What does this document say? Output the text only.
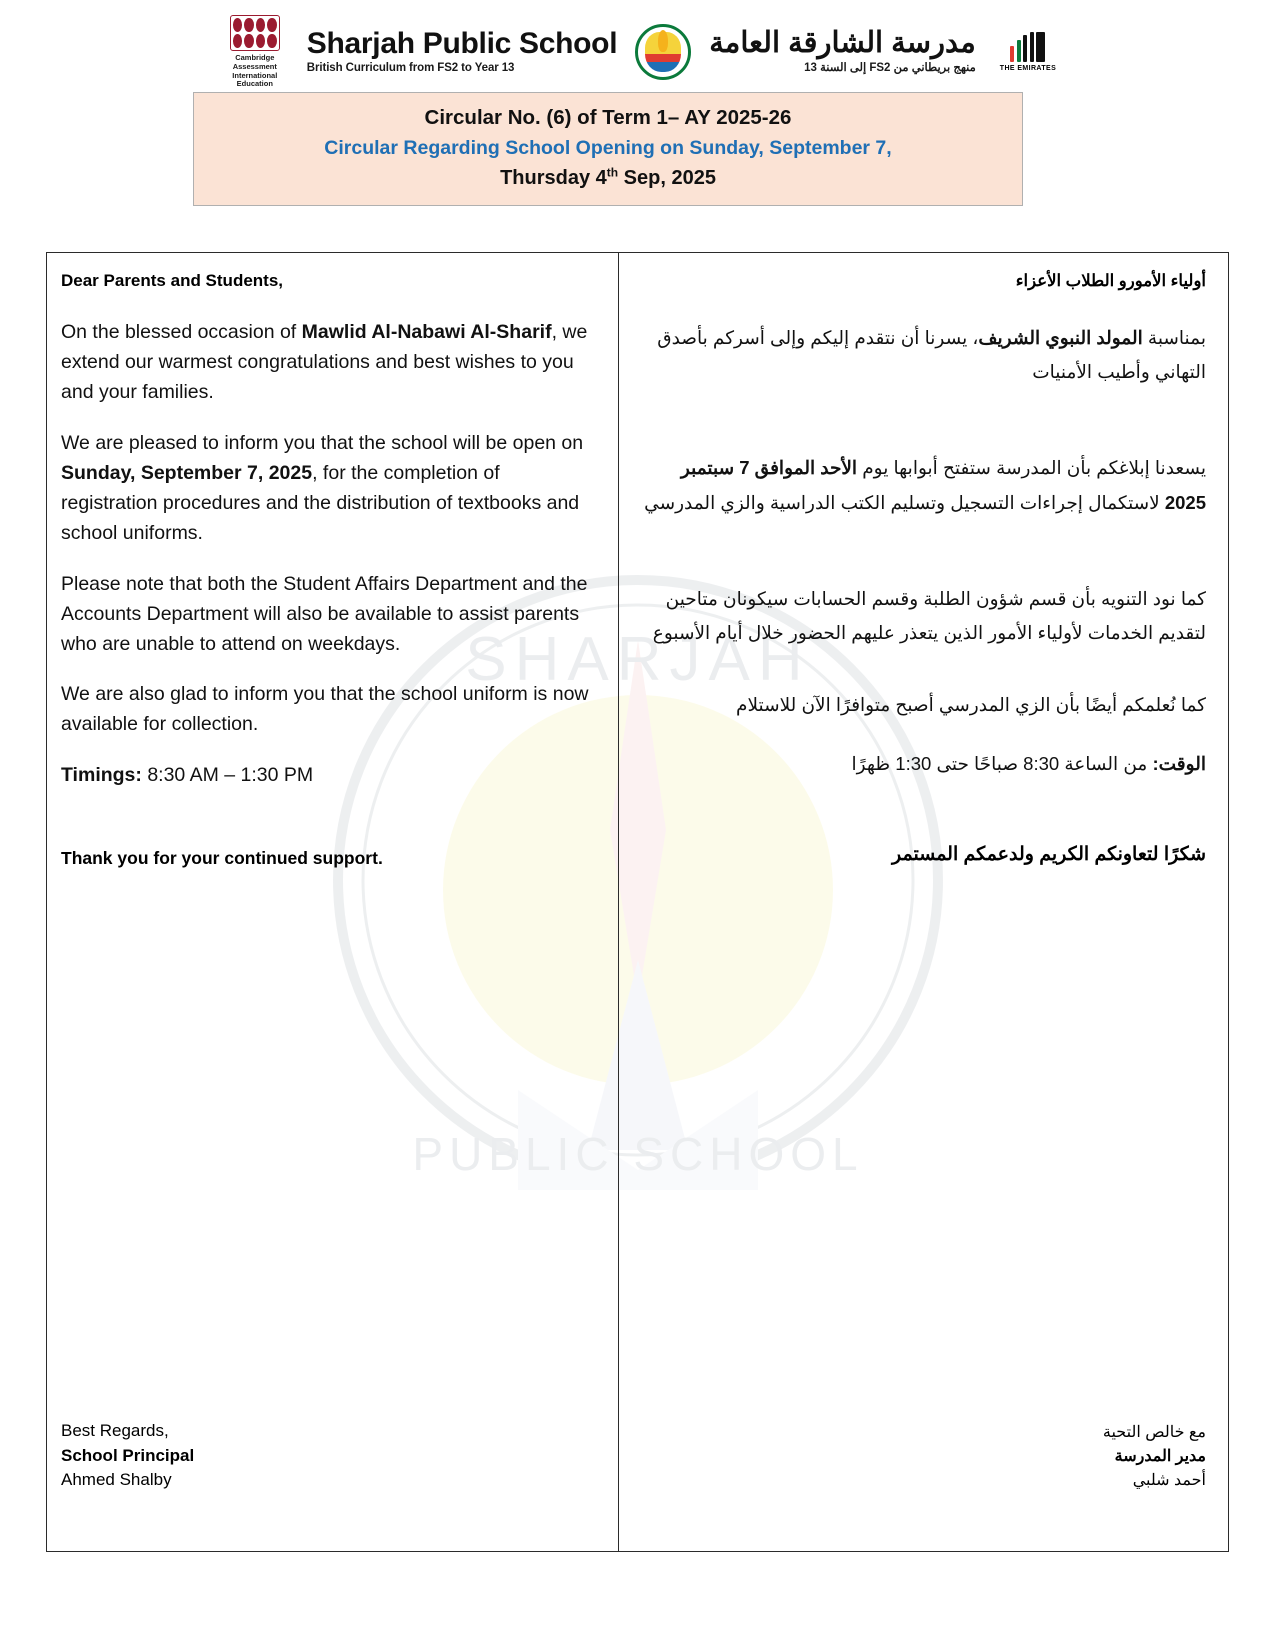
Cambridge Assessment International Education
Sharjah Public School
British Curriculum from FS2 to Year 13
مدرسة الشارقة العامة
منهج بريطاني من FS2 إلى السنة 13	THE EMIRATES
Circular No. (6) of Term 1– AY 2025-26
Circular Regarding School Opening on Sunday, September 7,
Thursday 4th Sep, 2025
SHARJAH
PUBLIC SCHOOL
Dear Parents and Students,

On the blessed occasion of Mawlid Al-Nabawi Al-Sharif, we extend our warmest congratulations and best wishes to you and your families.

We are pleased to inform you that the school will be open on Sunday, September 7, 2025, for the completion of registration procedures and the distribution of textbooks and school uniforms.

Please note that both the Student Affairs Department and the Accounts Department will also be available to assist parents who are unable to attend on weekdays.

We are also glad to inform you that the school uniform is now available for collection.

Timings: 8:30 AM – 1:30 PM

Thank you for your continued support.
Best Regards,
School Principal
Ahmed Shalby
أولياء الأمورو الطلاب الأعزاء

بمناسبة المولد النبوي الشريف، يسرنا أن نتقدم إليكم وإلى أسركم بأصدق التهاني وأطيب الأمنيات

يسعدنا إبلاغكم بأن المدرسة ستفتح أبوابها يوم الأحد الموافق 7 سبتمبر 2025 لاستكمال إجراءات التسجيل وتسليم الكتب الدراسية والزي المدرسي

كما نود التنويه بأن قسم شؤون الطلبة وقسم الحسابات سيكونان متاحين لتقديم الخدمات لأولياء الأمور الذين يتعذر عليهم الحضور خلال أيام الأسبوع

كما نُعلمكم أيضًا بأن الزي المدرسي أصبح متوافرًا الآن للاستلام

الوقت: من الساعة 8:30 صباحًا حتى 1:30 ظهرًا

شكرًا لتعاونكم الكريم ولدعمكم المستمر
مع خالص التحية
مدير المدرسة
أحمد شلبي
